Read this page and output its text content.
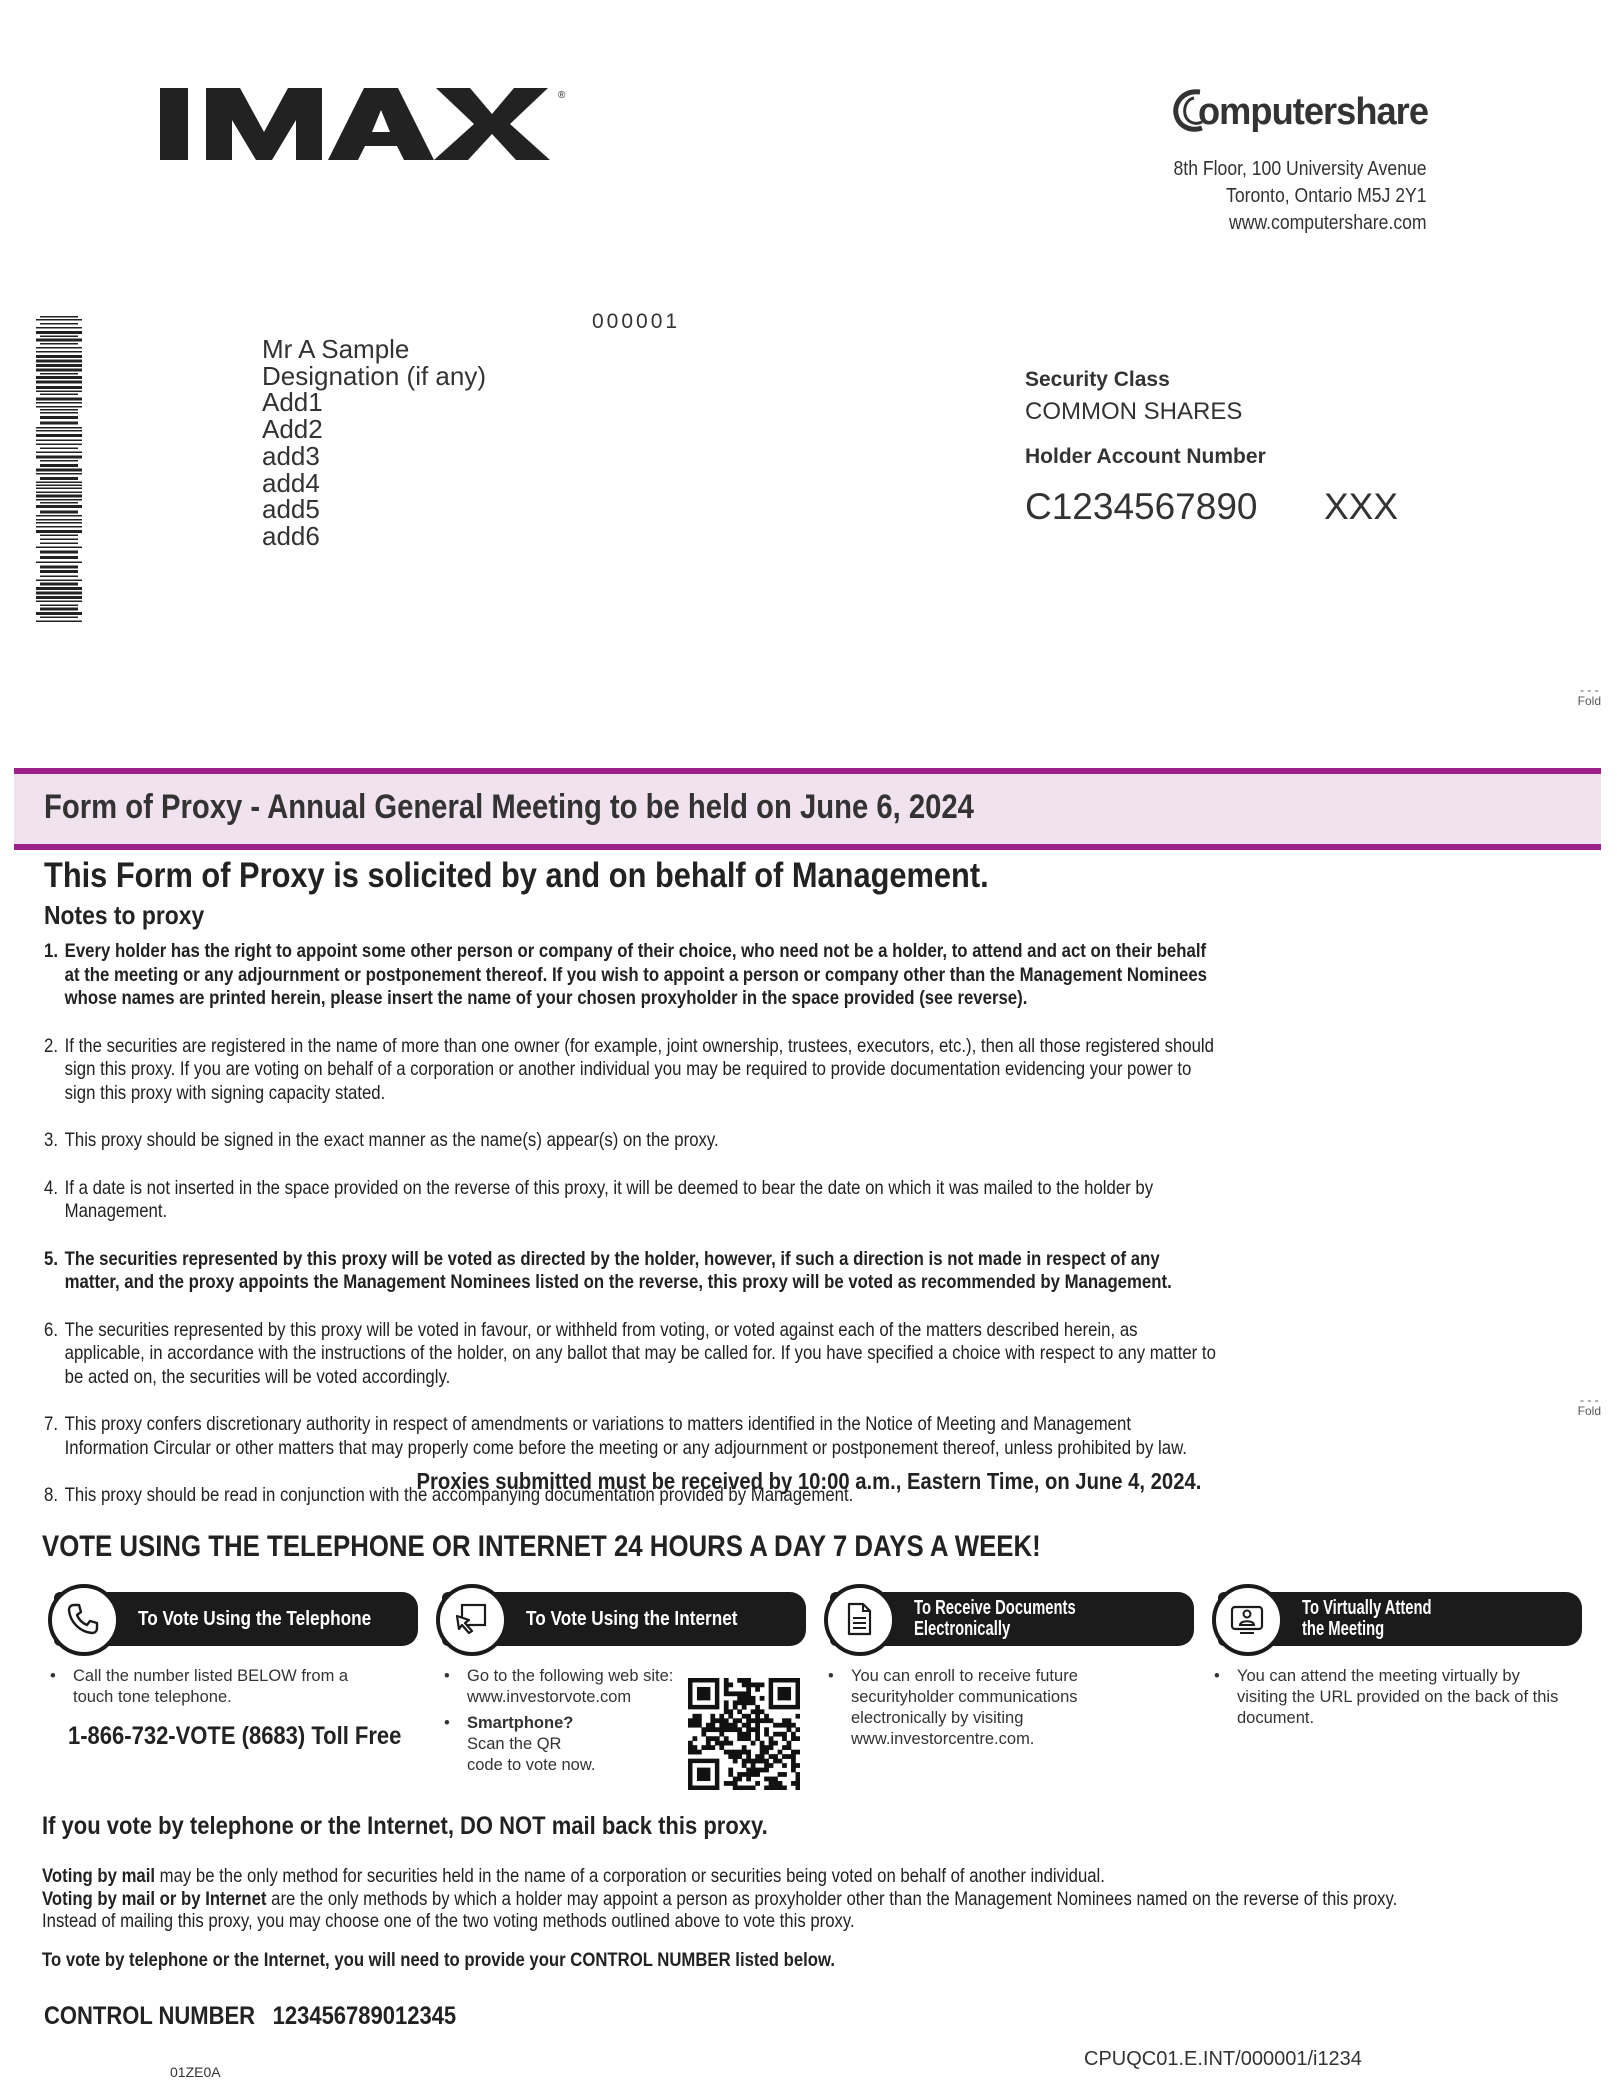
®	omputershare
8th Floor, 100 University Avenue
Toronto, Ontario M5J 2Y1
www.computershare.com
000001
Mr A Sample
Designation (if any)
Add1
Add2
add3
add4
add5
add6
Security Class
COMMON SHARES
Holder Account Number
C1234567890 XXX
- - -
Fold
- - -
Fold
Form of Proxy - Annual General Meeting to be held on June 6, 2024
This Form of Proxy is solicited by and on behalf of Management.
Notes to proxy
1. Every holder has the right to appoint some other person or company of their choice, who need not be a holder, to attend and act on their behalf at the meeting or any adjournment or postponement thereof. If you wish to appoint a person or company other than the Management Nominees whose names are printed herein, please insert the name of your chosen proxyholder in the space provided (see reverse).
2. If the securities are registered in the name of more than one owner (for example, joint ownership, trustees, executors, etc.), then all those registered should sign this proxy. If you are voting on behalf of a corporation or another individual you may be required to provide documentation evidencing your power to sign this proxy with signing capacity stated.
3. This proxy should be signed in the exact manner as the name(s) appear(s) on the proxy.
4. If a date is not inserted in the space provided on the reverse of this proxy, it will be deemed to bear the date on which it was mailed to the holder by Management.
5. The securities represented by this proxy will be voted as directed by the holder, however, if such a direction is not made in respect of any matter, and the proxy appoints the Management Nominees listed on the reverse, this proxy will be voted as recommended by Management.
6. The securities represented by this proxy will be voted in favour, or withheld from voting, or voted against each of the matters described herein, as applicable, in accordance with the instructions of the holder, on any ballot that may be called for. If you have specified a choice with respect to any matter to be acted on, the securities will be voted accordingly.
7. This proxy confers discretionary authority in respect of amendments or variations to matters identified in the Notice of Meeting and Management Information Circular or other matters that may properly come before the meeting or any adjournment or postponement thereof, unless prohibited by law.
8. This proxy should be read in conjunction with the accompanying documentation provided by Management.
Proxies submitted must be received by 10:00 a.m., Eastern Time, on June 4, 2024.
VOTE USING THE TELEPHONE OR INTERNET 24 HOURS A DAY 7 DAYS A WEEK!
To Vote Using the Telephone	To Vote Using the Internet	To Receive Documents
Electronically
To Virtually Attend
the Meeting
• Call the number listed BELOW from a touch tone telephone.
1-866-732-VOTE (8683) Toll Free
• Go to the following web site: www.investorvote.com
• Smartphone?
Scan the QR code to vote now.
• You can enroll to receive future securityholder communications electronically by visiting www.investorcentre.com.
• You can attend the meeting virtually by visiting the URL provided on the back of this document.
If you vote by telephone or the Internet, DO NOT mail back this proxy.
Voting by mail may be the only method for securities held in the name of a corporation or securities being voted on behalf of another individual.
Voting by mail or by Internet are the only methods by which a holder may appoint a person as proxyholder other than the Management Nominees named on the reverse of this proxy.
Instead of mailing this proxy, you may choose one of the two voting methods outlined above to vote this proxy.
To vote by telephone or the Internet, you will need to provide your CONTROL NUMBER listed below.
CONTROL NUMBER 123456789012345
CPUQC01.E.INT/000001/i1234
01ZE0A
